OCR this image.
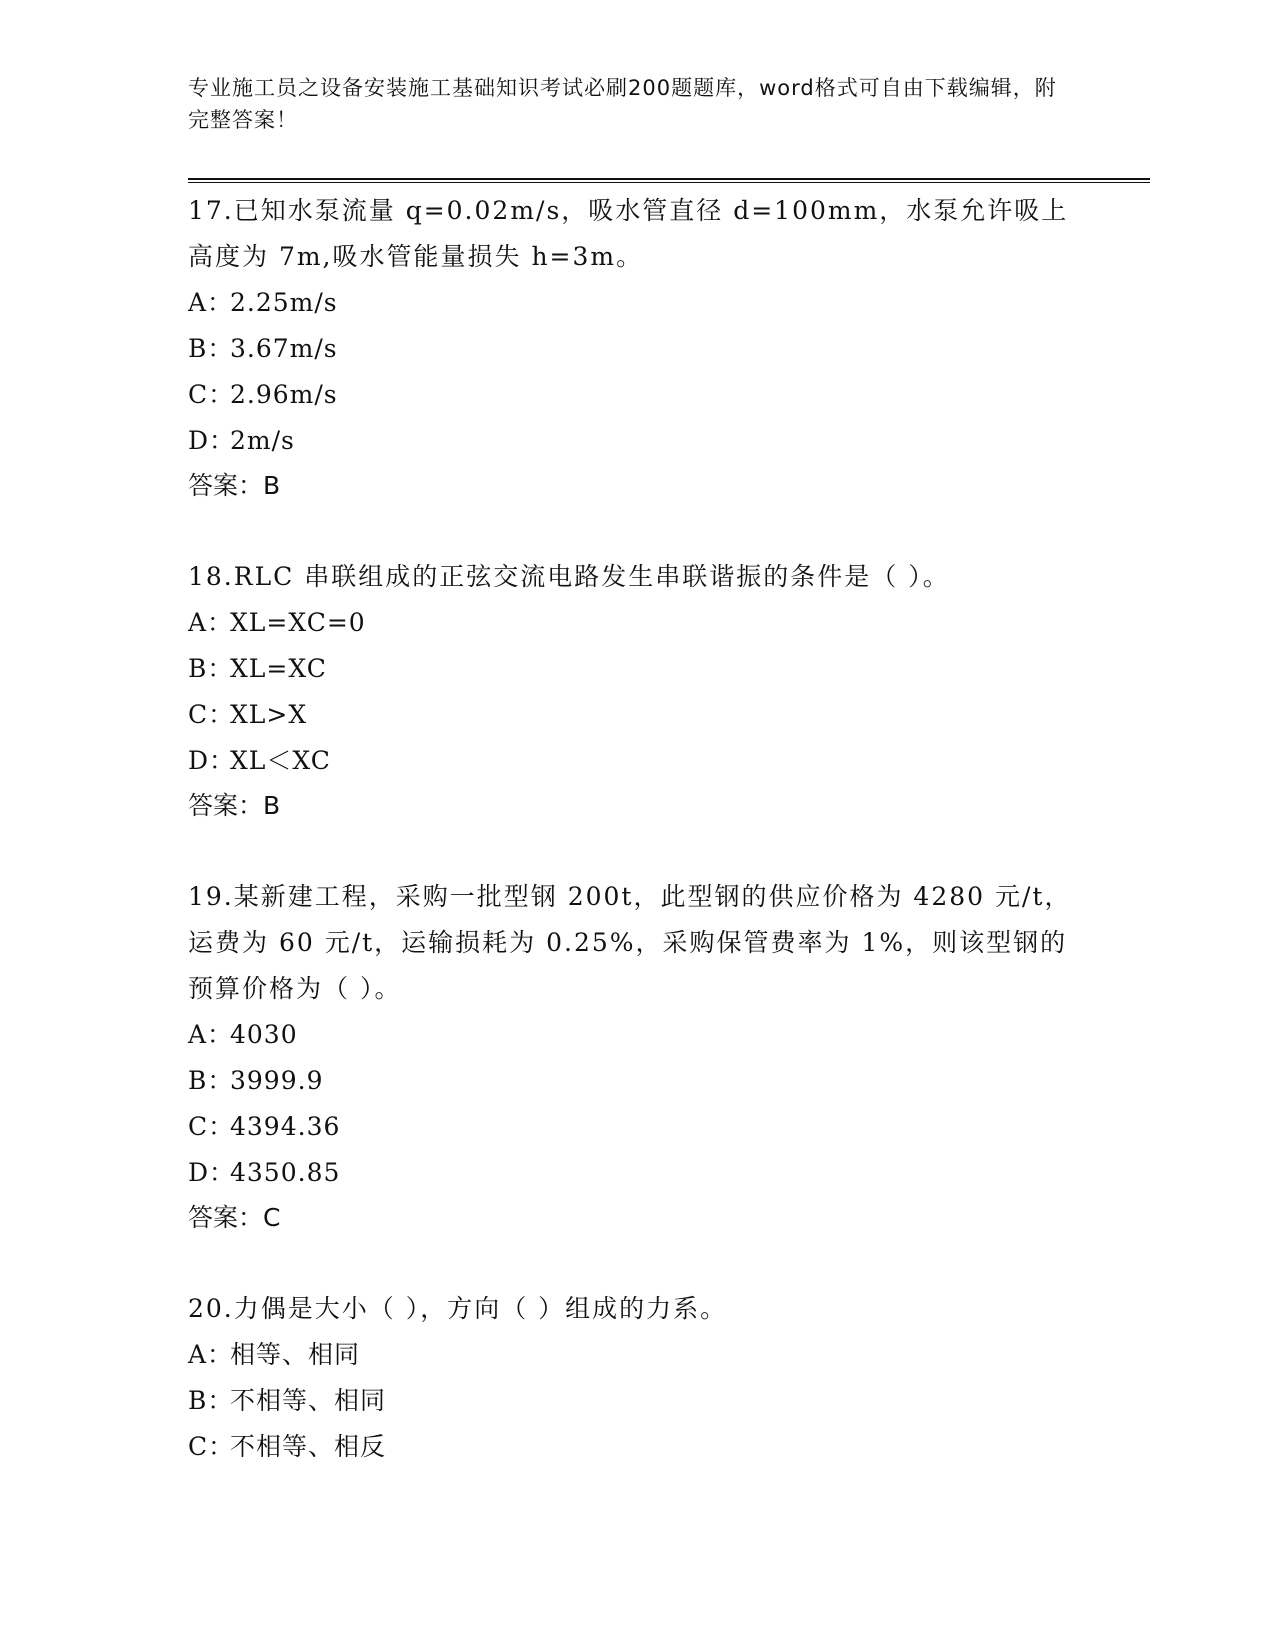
专业施工员之设备安装施工基础知识考试必刷200题题库，word格式可自由下载编辑，附完整答案！
17.已知水泵流量 q=0.02m/s，吸水管直径 d=100mm，水泵允许吸上高度为 7m,吸水管能量损失 h=3m。
A：2.25m/s
B：3.67m/s
C：2.96m/s
D：2m/s
答案：B
18.RLC 串联组成的正弦交流电路发生串联谐振的条件是（ ）。
A：XL=XC=0
B：XL=XC
C：XL>X
D：XL＜XC
答案：B
19.某新建工程，采购一批型钢 200t，此型钢的供应价格为 4280 元/t，运费为 60 元/t，运输损耗为 0.25%，采购保管费率为 1%，则该型钢的预算价格为（ ）。
A：4030
B：3999.9
C：4394.36
D：4350.85
答案：C
20.力偶是大小（ ），方向（ ）组成的力系。
A：相等、相同
B：不相等、相同
C：不相等、相反
